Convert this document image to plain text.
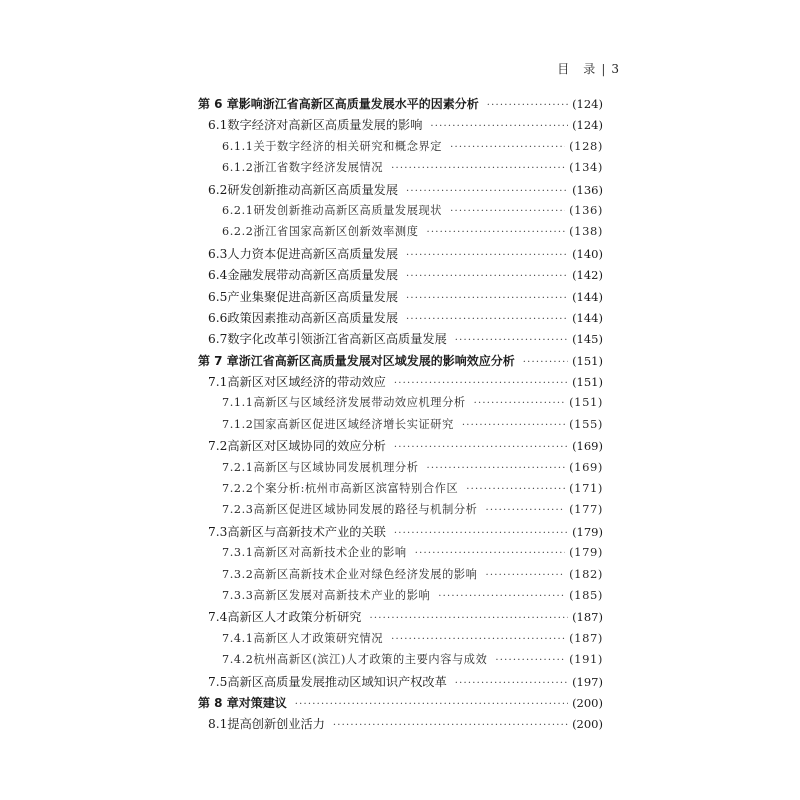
目　录 | 3
第 6 章 影响浙江省高新区高质量发展水平的因素分析 ·····	(124)
6.1 数字经济对高新区高质量发展的影响 ·····	(124)
6.1.1 关于数字经济的相关研究和概念界定 ·····	(128)
6.1.2 浙江省数字经济发展情况 ·····	(134)
6.2 研发创新推动高新区高质量发展 ·····	(136)
6.2.1 研发创新推动高新区高质量发展现状 ·····	(136)
6.2.2 浙江省国家高新区创新效率测度 ·····	(138)
6.3 人力资本促进高新区高质量发展 ·····	(140)
6.4 金融发展带动高新区高质量发展 ·····	(142)
6.5 产业集聚促进高新区高质量发展 ·····	(144)
6.6 政策因素推动高新区高质量发展 ·····	(144)
6.7 数字化改革引领浙江省高新区高质量发展 ·····	(145)
第 7 章 浙江省高新区高质量发展对区域发展的影响效应分析 ·····	(151)
7.1 高新区对区域经济的带动效应 ·····	(151)
7.1.1 高新区与区域经济发展带动效应机理分析 ·····	(151)
7.1.2 国家高新区促进区域经济增长实证研究 ·····	(155)
7.2 高新区对区域协同的效应分析 ·····	(169)
7.2.1 高新区与区域协同发展机理分析 ·····	(169)
7.2.2 个案分析:杭州市高新区滨富特别合作区 ·····	(171)
7.2.3 高新区促进区域协同发展的路径与机制分析 ·····	(177)
7.3 高新区与高新技术产业的关联 ·····	(179)
7.3.1 高新区对高新技术企业的影响 ·····	(179)
7.3.2 高新区高新技术企业对绿色经济发展的影响 ·····	(182)
7.3.3 高新区发展对高新技术产业的影响 ·····	(185)
7.4 高新区人才政策分析研究 ·····	(187)
7.4.1 高新区人才政策研究情况 ·····	(187)
7.4.2 杭州高新区(滨江)人才政策的主要内容与成效 ·····	(191)
7.5 高新区高质量发展推动区域知识产权改革 ·····	(197)
第 8 章 对策建议 ·····	(200)
8.1 提高创新创业活力 ·····	(200)
